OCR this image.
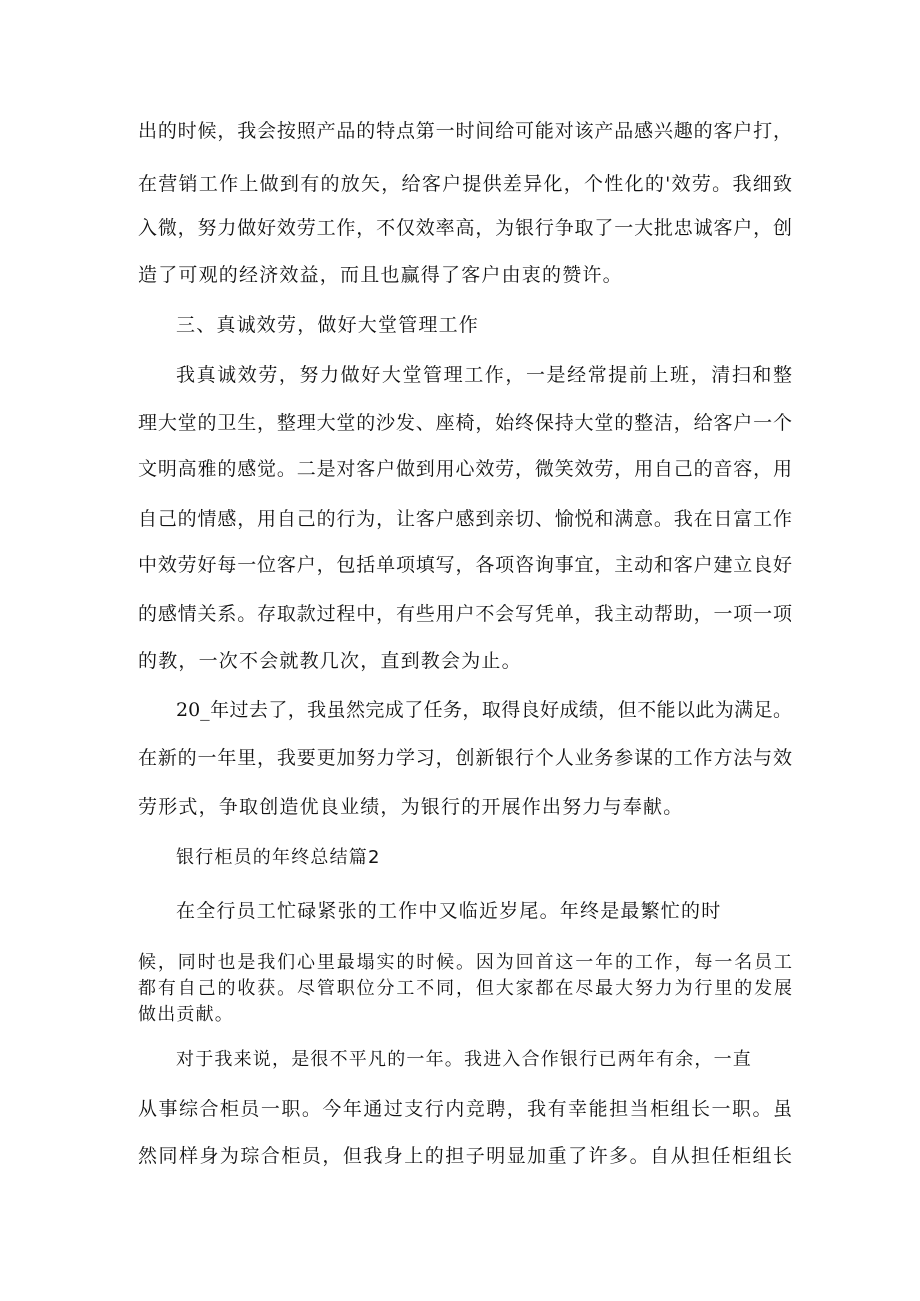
出的时候，我会按照产品的特点第一时间给可能对该产品感兴趣的客户打，
在营销工作上做到有的放矢，给客户提供差异化，个性化的'效劳。我细致
入微，努力做好效劳工作，不仅效率高，为银行争取了一大批忠诚客户，创
造了可观的经济效益，而且也赢得了客户由衷的赞许。
三、真诚效劳，做好大堂管理工作
我真诚效劳，努力做好大堂管理工作，一是经常提前上班，清扫和整
理大堂的卫生，整理大堂的沙发、座椅，始终保持大堂的整洁，给客户一个
文明高雅的感觉。二是对客户做到用心效劳，微笑效劳，用自己的音容，用
自己的情感，用自己的行为，让客户感到亲切、愉悦和满意。我在日富工作
中效劳好每一位客户，包括单项填写，各项咨询事宜，主动和客户建立良好
的感情关系。存取款过程中，有些用户不会写凭单，我主动帮助，一项一项
的教，一次不会就教几次，直到教会为止。
20_年过去了，我虽然完成了任务，取得良好成绩，但不能以此为满足。
在新的一年里，我要更加努力学习，创新银行个人业务参谋的工作方法与效
劳形式，争取创造优良业绩，为银行的开展作出努力与奉献。
银行柜员的年终总结篇2
在全行员工忙碌紧张的工作中又临近岁尾。年终是最繁忙的时
候，同时也是我们心里最塌实的时候。因为回首这一年的工作，每一名员工
都有自己的收获。尽管职位分工不同，但大家都在尽最大努力为行里的发展
做出贡献。
对于我来说，是很不平凡的一年。我进入合作银行已两年有余，一直
从事综合柜员一职。今年通过支行内竞聘，我有幸能担当柜组长一职。虽
然同样身为琮合柜员，但我身上的担子明显加重了许多。自从担任柜组长
